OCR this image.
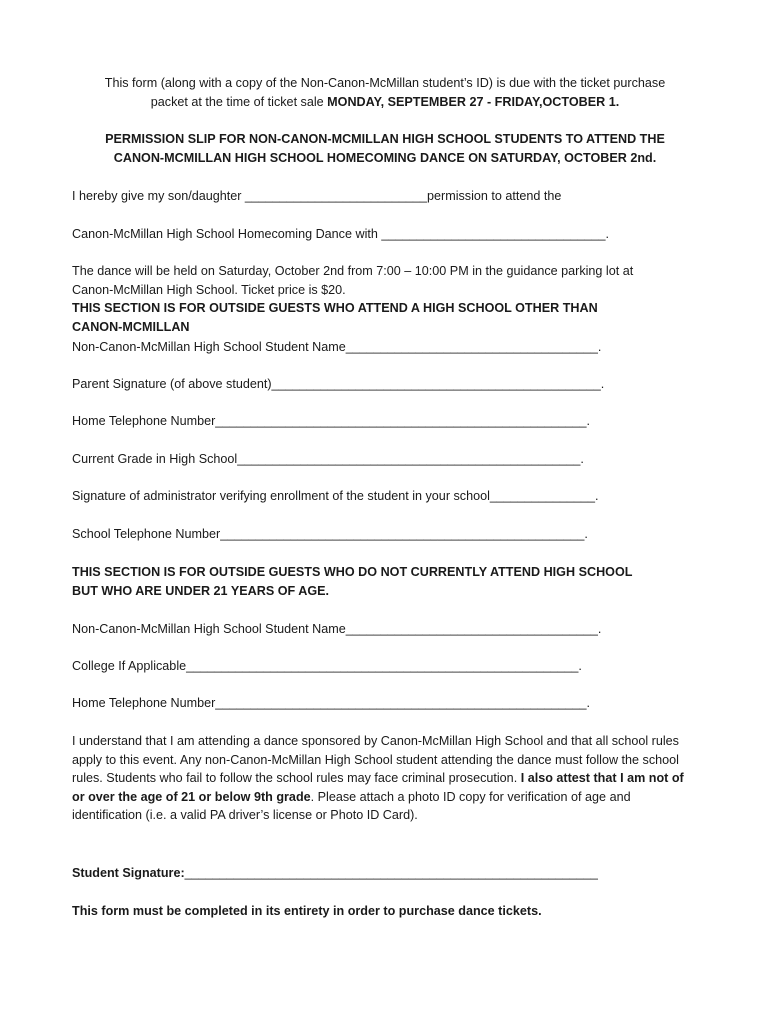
This form (along with a copy of the Non-Canon-McMillan student’s ID) is due with the ticket purchase
packet at the time of ticket sale MONDAY, SEPTEMBER 27 - FRIDAY,OCTOBER 1.
PERMISSION SLIP FOR NON-CANON-MCMILLAN HIGH SCHOOL STUDENTS TO ATTEND THE
CANON-MCMILLAN HIGH SCHOOL HOMECOMING DANCE ON SATURDAY, OCTOBER 2nd.
I hereby give my son/daughter __________________________permission to attend the
Canon-McMillan High School Homecoming Dance with ________________________________.
The dance will be held on Saturday, October 2nd from 7:00 – 10:00 PM in the guidance parking lot at
Canon-McMillan High School. Ticket price is $20.
THIS SECTION IS FOR OUTSIDE GUESTS WHO ATTEND A HIGH SCHOOL OTHER THAN
CANON-MCMILLAN
Non-Canon-McMillan High School Student Name____________________________________.
Parent Signature (of above student)_______________________________________________.
Home Telephone Number_____________________________________________________.
Current Grade in High School_________________________________________________.
Signature of administrator verifying enrollment of the student in your school_______________.
School Telephone Number____________________________________________________.
THIS SECTION IS FOR OUTSIDE GUESTS WHO DO NOT CURRENTLY ATTEND HIGH SCHOOL
BUT WHO ARE UNDER 21 YEARS OF AGE.
Non-Canon-McMillan High School Student Name____________________________________.
College If Applicable________________________________________________________.
Home Telephone Number_____________________________________________________.
I understand that I am attending a dance sponsored by Canon-McMillan High School and that all school rules apply to this event. Any non-Canon-McMillan High School student attending the dance must follow the school rules. Students who fail to follow the school rules may face criminal prosecution. I also attest that I am not of or over the age of 21 or below 9th grade. Please attach a photo ID copy for verification of age and identification (i.e. a valid PA driver’s license or Photo ID Card).
Student Signature:___________________________________________________________
This form must be completed in its entirety in order to purchase dance tickets.
